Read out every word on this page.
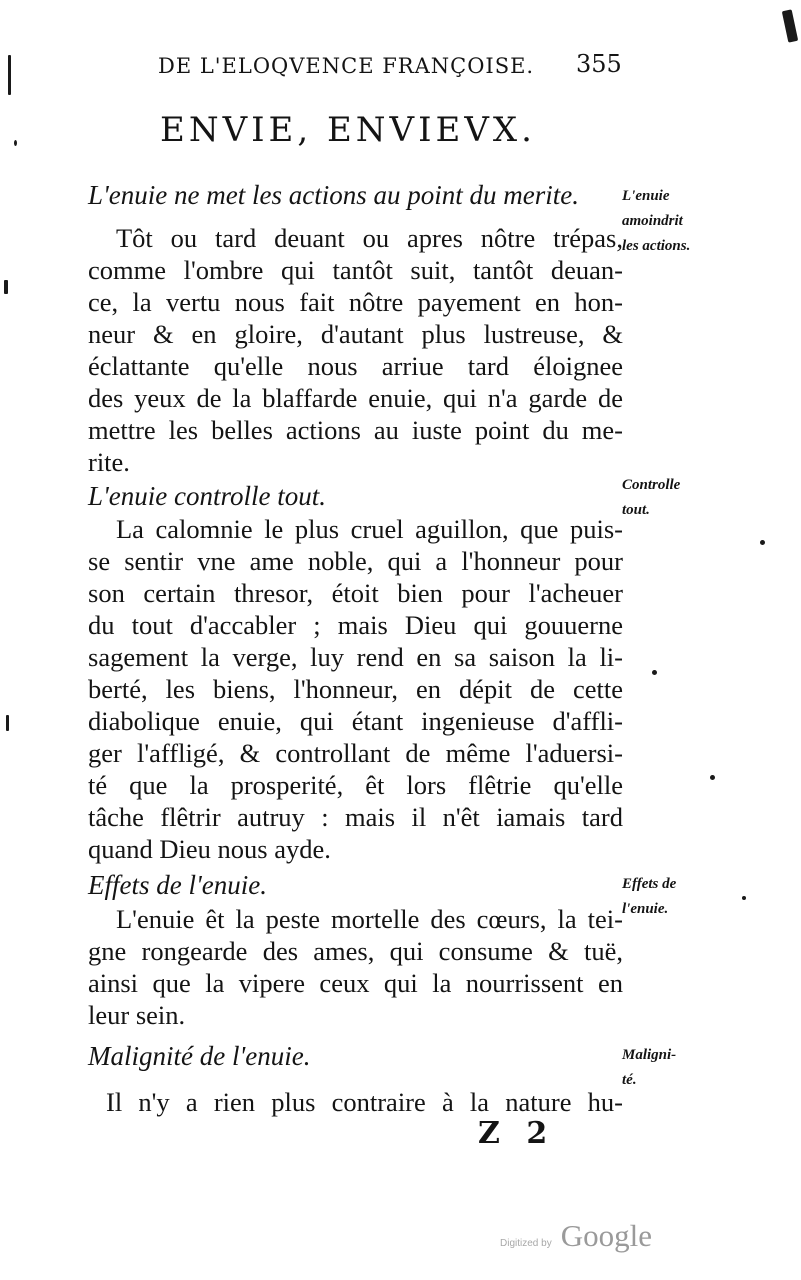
DE L'ELOQVENCE FRANÇOISE. 355
ENVIE, ENVIEVX.
L'enuie ne met les actions au point du merite.	L'enuie
amoindrit
les actions.

Tôt ou tard deuant ou apres nôtre trépas,
comme l'ombre qui tantôt suit, tantôt deuan-
ce, la vertu nous fait nôtre payement en hon-
neur & en gloire, d'autant plus lustreuse, &
éclattante qu'elle nous arriue tard éloignee
des yeux de la blaffarde enuie, qui n'a garde de
mettre les belles actions au iuste point du me-
rite.

L'enuie controlle tout.	Controlle
tout.

La calomnie le plus cruel aguillon, que puis-
se sentir vne ame noble, qui a l'honneur pour
son certain thresor, étoit bien pour l'acheuer
du tout d'accabler ; mais Dieu qui gouuerne
sagement la verge, luy rend en sa saison la li-
berté, les biens, l'honneur, en dépit de cette
diabolique enuie, qui étant ingenieuse d'affli-
ger l'affligé, & controllant de même l'aduersi-
té que la prosperité, êt lors flêtrie qu'elle
tâche flêtrir autruy : mais il n'êt iamais tard
quand Dieu nous ayde.

Effets de l'enuie.	Effets de
l'enuie.

L'enuie êt la peste mortelle des cœurs, la tei-
gne rongearde des ames, qui consume & tuë,
ainsi que la vipere ceux qui la nourrissent en
leur sein.

Malignité de l'enuie.	Maligni-
té.

Il n'y a rien plus contraire à la nature hu-

Z 2
Digitized by Google
